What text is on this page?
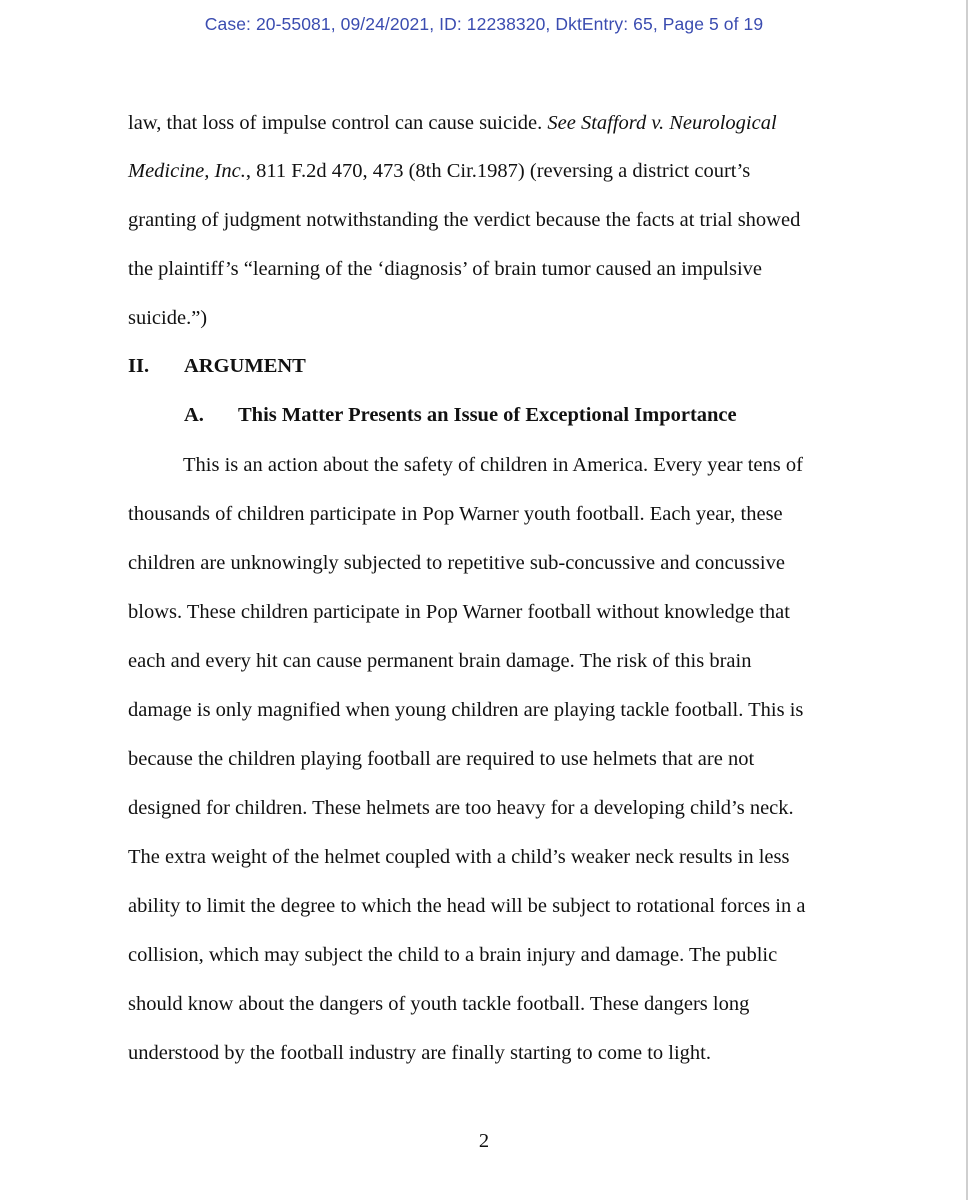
Case: 20-55081, 09/24/2021, ID: 12238320, DktEntry: 65, Page 5 of 19
law, that loss of impulse control can cause suicide. See Stafford v. Neurological
Medicine, Inc., 811 F.2d 470, 473 (8th Cir.1987) (reversing a district court’s
granting of judgment notwithstanding the verdict because the facts at trial showed
the plaintiff’s “learning of the ‘diagnosis’ of brain tumor caused an impulsive
suicide.”)
II. ARGUMENT
A. This Matter Presents an Issue of Exceptional Importance
This is an action about the safety of children in America. Every year tens of
thousands of children participate in Pop Warner youth football. Each year, these
children are unknowingly subjected to repetitive sub-concussive and concussive
blows. These children participate in Pop Warner football without knowledge that
each and every hit can cause permanent brain damage. The risk of this brain
damage is only magnified when young children are playing tackle football. This is
because the children playing football are required to use helmets that are not
designed for children. These helmets are too heavy for a developing child’s neck.
The extra weight of the helmet coupled with a child’s weaker neck results in less
ability to limit the degree to which the head will be subject to rotational forces in a
collision, which may subject the child to a brain injury and damage. The public
should know about the dangers of youth tackle football. These dangers long
understood by the football industry are finally starting to come to light.
2
